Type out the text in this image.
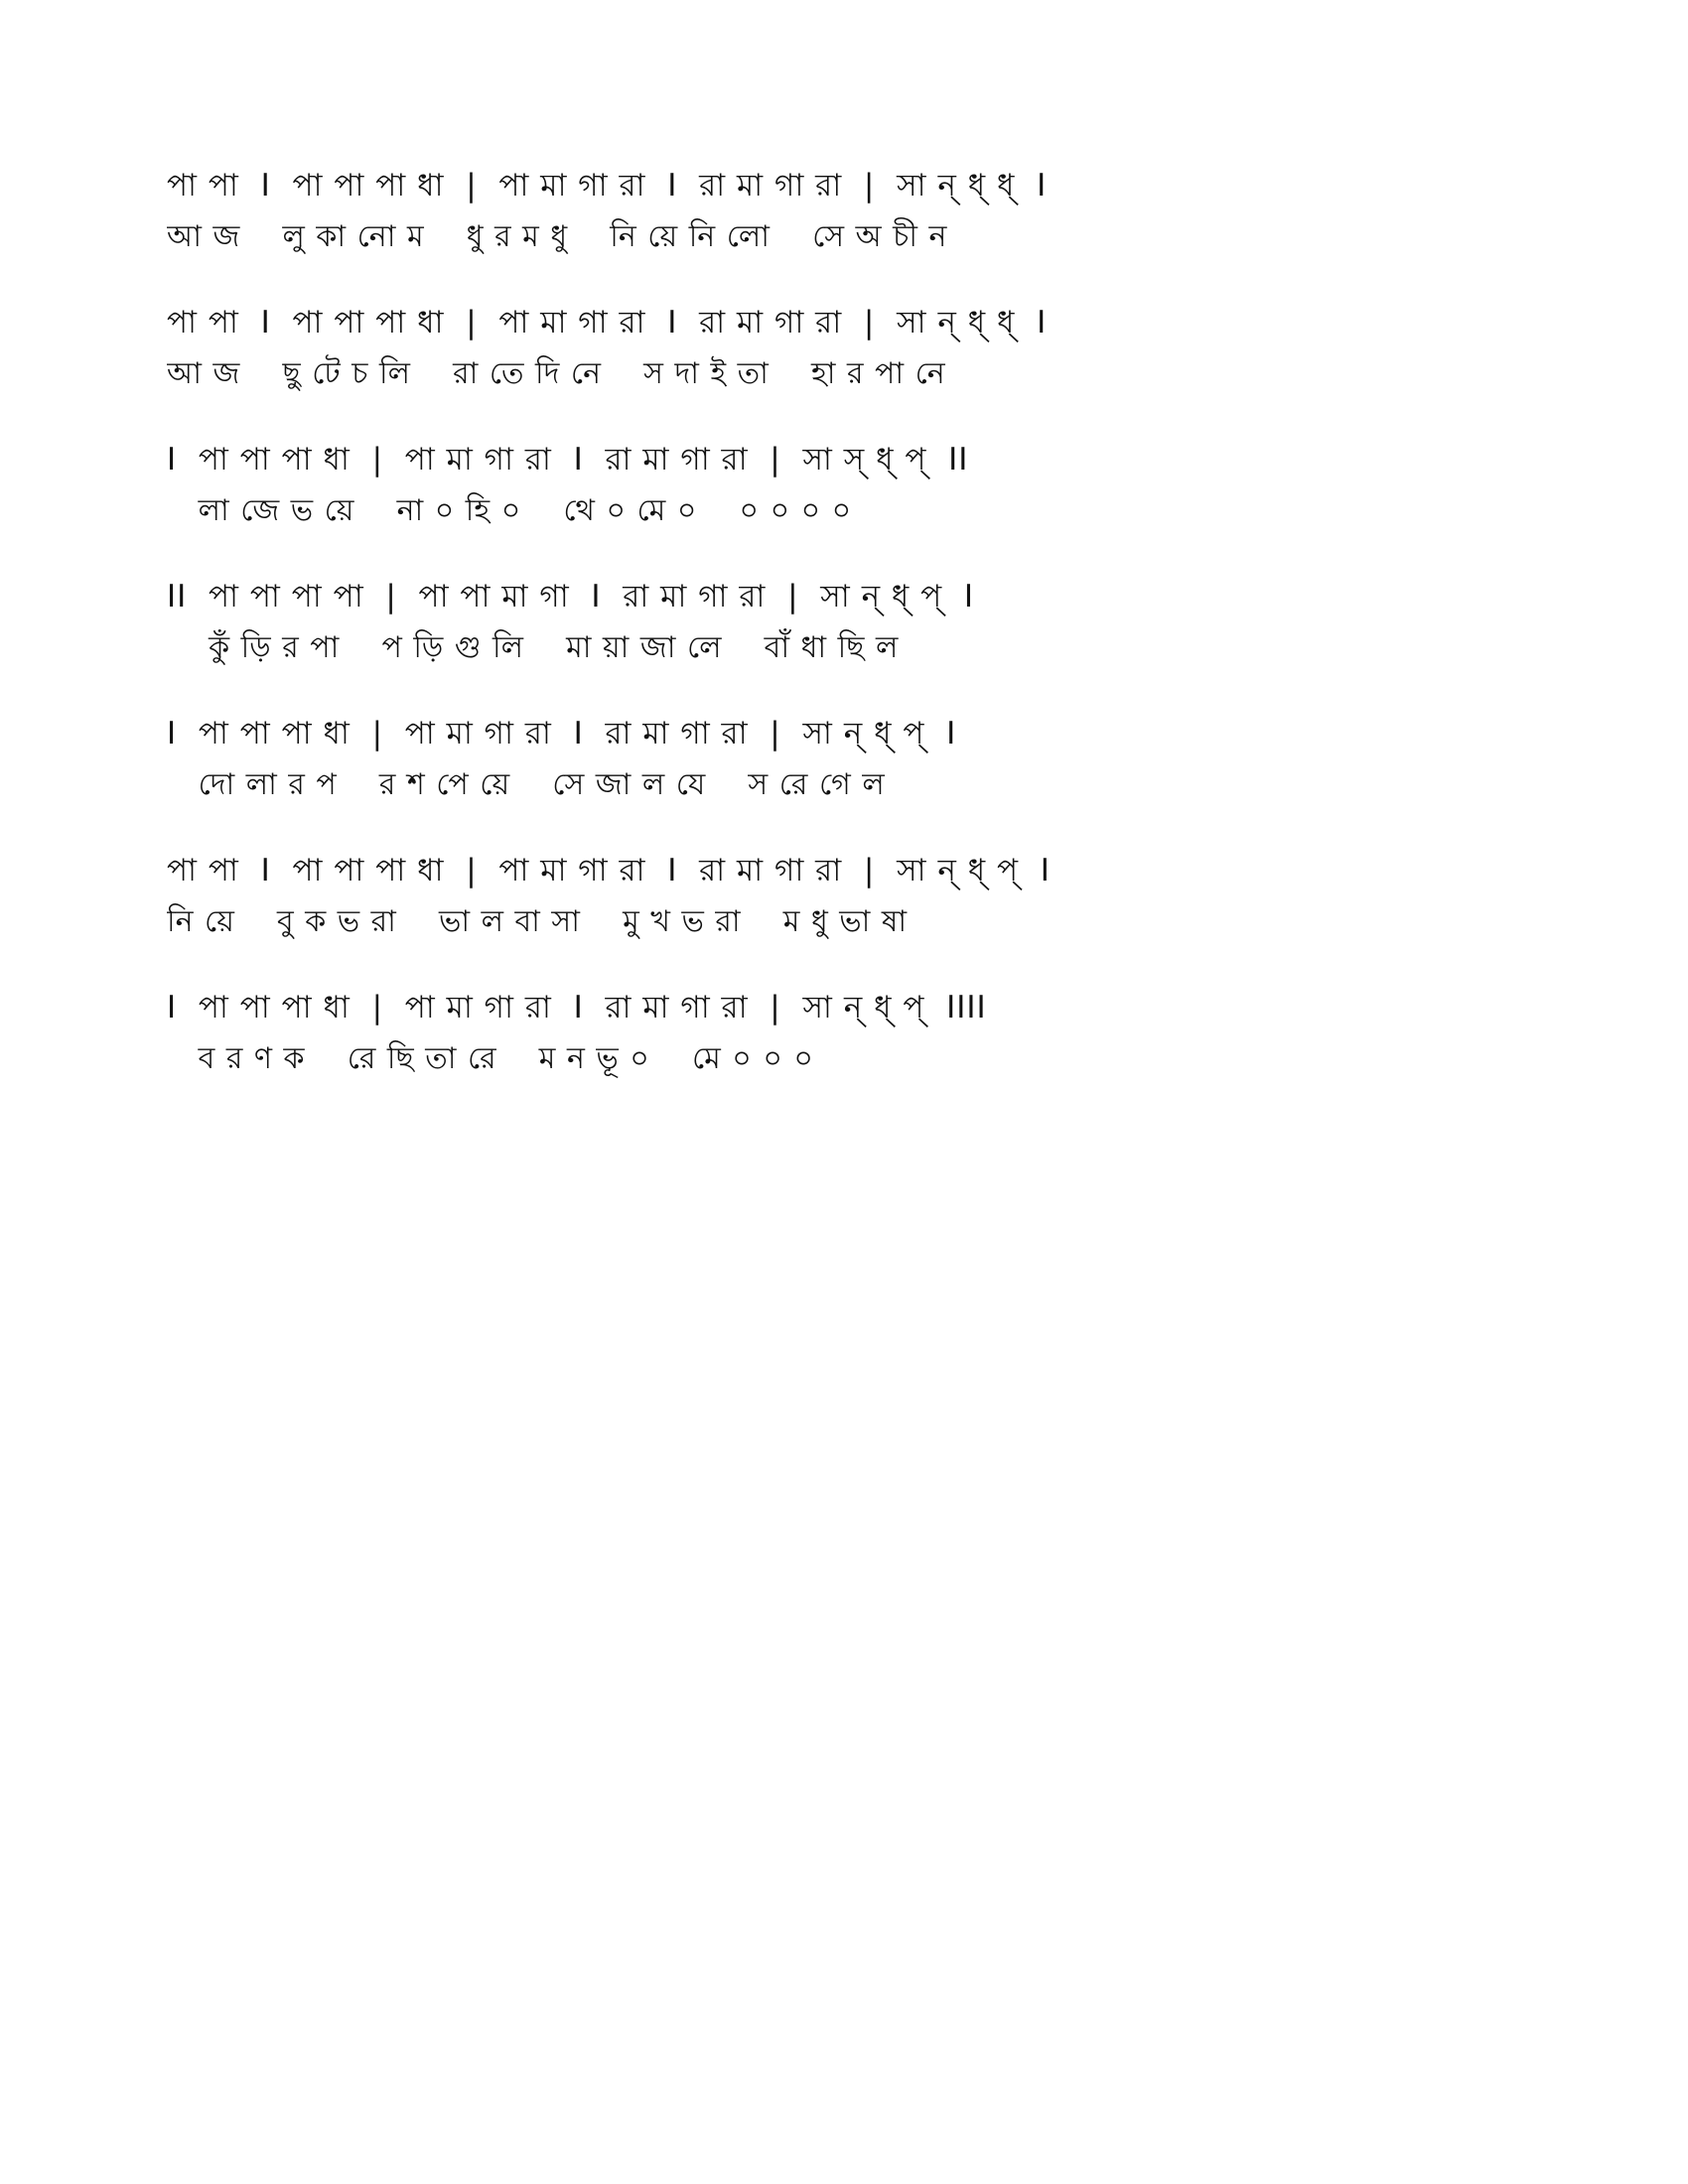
পা পা  I  পা পা পা ধা  |  পা মা গা রা  I  রা মা গা রা  |  সা ন্ ধ্ ধ্  I
আ জ    লু কা নো ম    ধু র ম ধু    নি য়ে নি লো    সে অ চী ন
পা পা  I  পা পা পা ধা  |  পা মা গা রা  I  রা মা গা রা  |  সা ন্ ধ্ ধ্  I
আ জ    ছু টে চ লি    রা তে দি নে    স দা ই তা    হা র পা নে
I  পা পা পা ধা  |  পা মা গা রা  I  রা মা গা রা  |  সা স্ ধ্ প্  II
লা জে ভ য়ে    না ০ হি ০    থে ০ মে ০    ০ ০ ০ ০
II  পা পা পা পা  |  পা পা মা গা  I  রা মা গা রা  |  সা ন্ ধ্ প্  I
কুঁ ড়ি র পা    প ড়ি গু লি    মা য়া জা লে    বাঁ ধা ছি ল
I  পা পা পা ধা  |  পা মা গা রা  I  রা মা গা রা  |  সা ন্ ধ্ প্  I
দো লা র প    র শ পে য়ে    সে জা ল যে    স রে গে ল
পা পা  I  পা পা পা ধা  |  পা মা গা রা  I  রা মা গা রা  |  সা ন্ ধ্ প্  I
নি য়ে    বু ক ভ রা    ভা ল বা সা    মু খ ভ রা    ম ধু ভা ষা
I  পা পা পা ধা  |  পা মা গা রা  I  রা মা গা রা  |  সা ন্ ধ্ প্  IIII
ব র ণ ক    রে ছি তা রে    ম ন ভূ ০    মে ০ ০ ০
